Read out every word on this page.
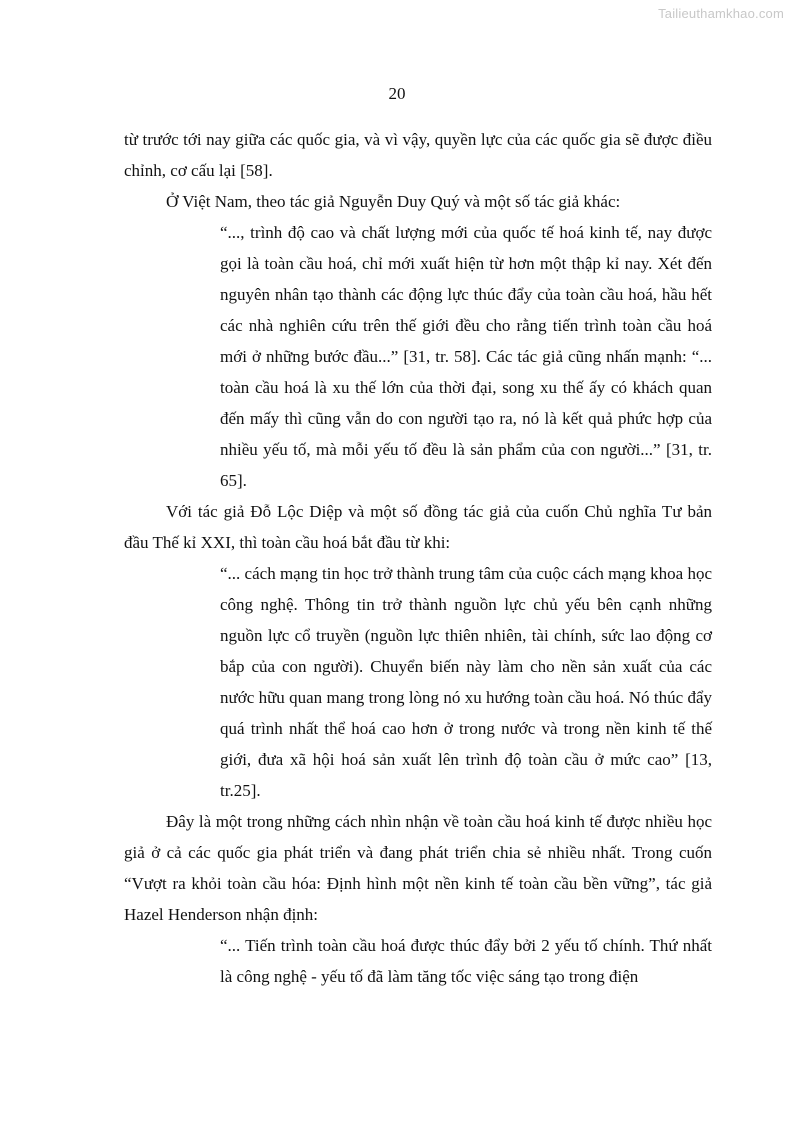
Tailieuthamkhao.com
20

từ trước tới nay giữa các quốc gia, và vì vậy, quyền lực của các quốc gia sẽ được điều chỉnh, cơ cấu lại [58].

Ở Việt Nam, theo tác giả Nguyễn Duy Quý và một số tác giả khác:

“..., trình độ cao và chất lượng mới của quốc tế hoá kinh tế, nay được gọi là toàn cầu hoá, chỉ mới xuất hiện từ hơn một thập kỉ nay. Xét đến nguyên nhân tạo thành các động lực thúc đẩy của toàn cầu hoá, hầu hết các nhà nghiên cứu trên thế giới đều cho rằng tiến trình toàn cầu hoá mới ở những bước đầu...” [31, tr. 58]. Các tác giả cũng nhấn mạnh: “... toàn cầu hoá là xu thế lớn của thời đại, song xu thế ấy có khách quan đến mấy thì cũng vẫn do con người tạo ra, nó là kết quả phức hợp của nhiều yếu tố, mà mỗi yếu tố đều là sản phẩm của con người...” [31, tr. 65].

Với tác giả Đỗ Lộc Diệp và một số đồng tác giả của cuốn Chủ nghĩa Tư bản đầu Thế kỉ XXI, thì toàn cầu hoá bắt đầu từ khi:

“... cách mạng tin học trở thành trung tâm của cuộc cách mạng khoa học công nghệ. Thông tin trở thành nguồn lực chủ yếu bên cạnh những nguồn lực cổ truyền (nguồn lực thiên nhiên, tài chính, sức lao động cơ bắp của con người). Chuyển biến này làm cho nền sản xuất của các nước hữu quan mang trong lòng nó xu hướng toàn cầu hoá. Nó thúc đẩy quá trình nhất thể hoá cao hơn ở trong nước và trong nền kinh tế thế giới, đưa xã hội hoá sản xuất lên trình độ toàn cầu ở mức cao” [13, tr.25].

Đây là một trong những cách nhìn nhận về toàn cầu hoá kinh tế được nhiều học giả ở cả các quốc gia phát triển và đang phát triển chia sẻ nhiều nhất. Trong cuốn “Vượt ra khỏi toàn cầu hóa: Định hình một nền kinh tế toàn cầu bền vững”, tác giả Hazel Henderson nhận định:

“... Tiến trình toàn cầu hoá được thúc đẩy bởi 2 yếu tố chính. Thứ nhất là công nghệ - yếu tố đã làm tăng tốc việc sáng tạo trong điện
